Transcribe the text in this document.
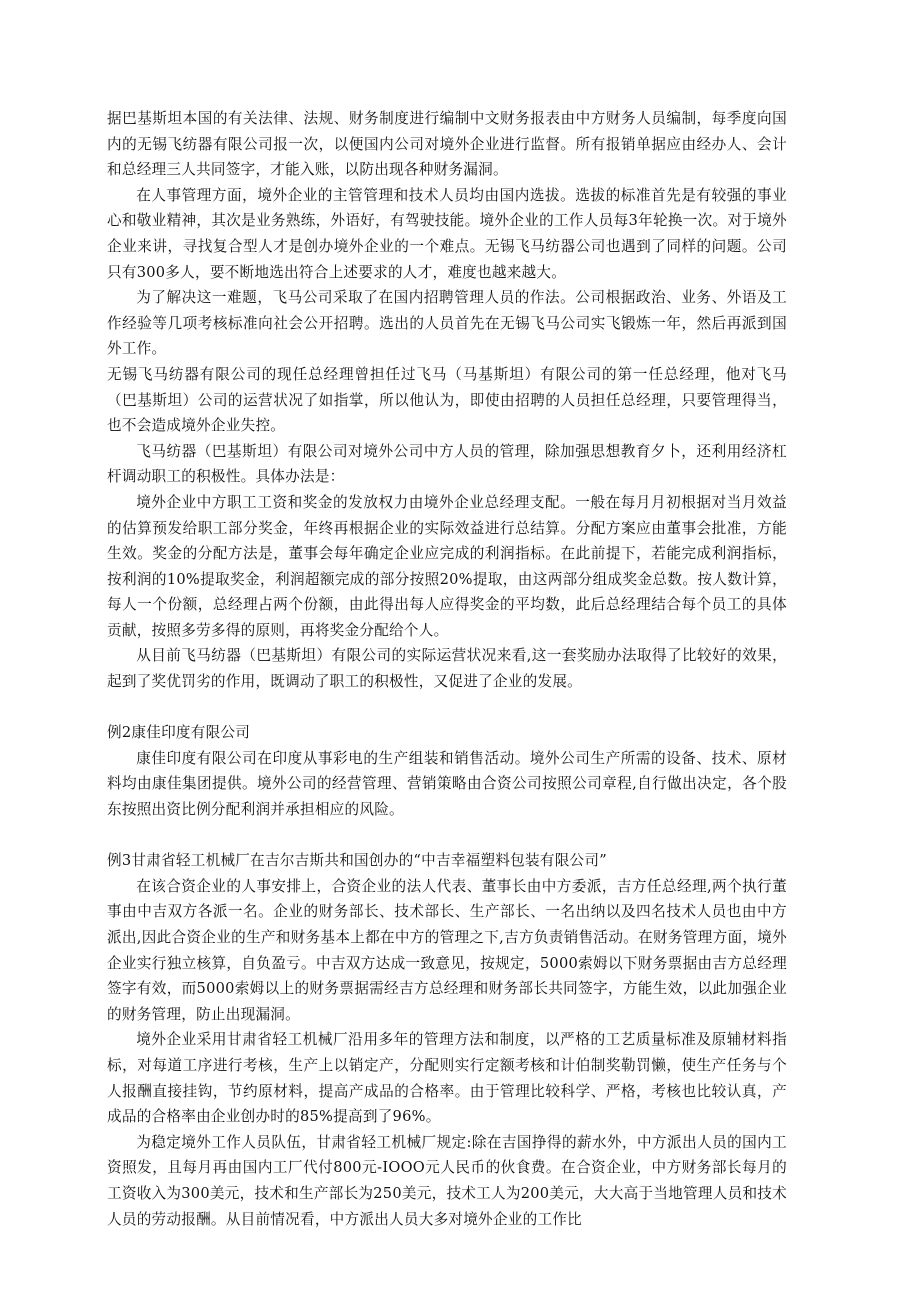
据巴基斯坦本国的有关法律、法规、财务制度进行编制中文财务报表由中方财务人员编制，每季度向国内的无锡飞纺器有限公司报一次，以便国内公司对境外企业进行监督。所有报销单据应由经办人、会计和总经理三人共同签字，才能入账，以防出现各种财务漏洞。

在人事管理方面，境外企业的主管管理和技术人员均由国内选拔。选拔的标准首先是有较强的事业心和敬业精神，其次是业务熟练，外语好，有驾驶技能。境外企业的工作人员每3年轮换一次。对于境外企业来讲，寻找复合型人才是创办境外企业的一个难点。无锡飞马纺器公司也遇到了同样的问题。公司只有300多人，要不断地选出符合上述要求的人才，难度也越来越大。

为了解决这一难题，飞马公司采取了在国内招聘管理人员的作法。公司根据政治、业务、外语及工作经验等几项考核标准向社会公开招聘。选出的人员首先在无锡飞马公司实飞锻炼一年，然后再派到国外工作。

无锡飞马纺器有限公司的现任总经理曾担任过飞马（马基斯坦）有限公司的第一任总经理，他对飞马（巴基斯坦）公司的运营状况了如指掌，所以他认为，即使由招聘的人员担任总经理，只要管理得当，也不会造成境外企业失控。

飞马纺器（巴基斯坦）有限公司对境外公司中方人员的管理，除加强思想教育夕卜，还利用经济杠杆调动职工的积极性。具体办法是：

境外企业中方职工工资和奖金的发放权力由境外企业总经理支配。一般在每月月初根据对当月效益的估算预发给职工部分奖金，年终再根据企业的实际效益进行总结算。分配方案应由董事会批准，方能生效。奖金的分配方法是，董事会每年确定企业应完成的利润指标。在此前提下，若能完成利润指标，按利润的10%提取奖金，利润超额完成的部分按照20%提取，由这两部分组成奖金总数。按人数计算，每人一个份额，总经理占两个份额，由此得出每人应得奖金的平均数，此后总经理结合每个员工的具体贡献，按照多劳多得的原则，再将奖金分配给个人。

从目前飞马纺器（巴基斯坦）有限公司的实际运营状况来看,这一套奖励办法取得了比较好的效果，起到了奖优罚劣的作用，既调动了职工的积极性，又促进了企业的发展。

例2康佳印度有限公司

康佳印度有限公司在印度从事彩电的生产组装和销售活动。境外公司生产所需的设备、技术、原材料均由康佳集团提供。境外公司的经营管理、营销策略由合资公司按照公司章程,自行做出决定，各个股东按照出资比例分配利润并承担相应的风险。

例3甘肃省轻工机械厂在吉尔吉斯共和国创办的“中吉幸福塑料包装有限公司”

在该合资企业的人事安排上，合资企业的法人代表、董事长由中方委派，吉方任总经理,两个执行董事由中吉双方各派一名。企业的财务部长、技术部长、生产部长、一名出纳以及四名技术人员也由中方派出,因此合资企业的生产和财务基本上都在中方的管理之下,吉方负责销售活动。在财务管理方面，境外企业实行独立核算，自负盈亏。中吉双方达成一致意见，按规定，5000索姆以下财务票据由吉方总经理签字有效，而5000索姆以上的财务票据需经吉方总经理和财务部长共同签字，方能生效，以此加强企业的财务管理，防止出现漏洞。

境外企业采用甘肃省轻工机械厂沿用多年的管理方法和制度，以严格的工艺质量标准及原辅材料指标，对每道工序进行考核，生产上以销定产，分配则实行定额考核和计伯制奖勒罚懒，使生产任务与个人报酬直接挂钩，节约原材料，提高产成品的合格率。由于管理比较科学、严格，考核也比较认真，产成品的合格率由企业创办时的85%提高到了96%。

为稳定境外工作人员队伍，甘肃省轻工机械厂规定:除在吉国挣得的薪水外，中方派出人员的国内工资照发，且每月再由国内工厂代付800元-IOOO元人民币的伙食费。在合资企业，中方财务部长每月的工资收入为300美元，技术和生产部长为250美元，技术工人为200美元，大大高于当地管理人员和技术人员的劳动报酬。从目前情况看，中方派出人员大多对境外企业的工作比
